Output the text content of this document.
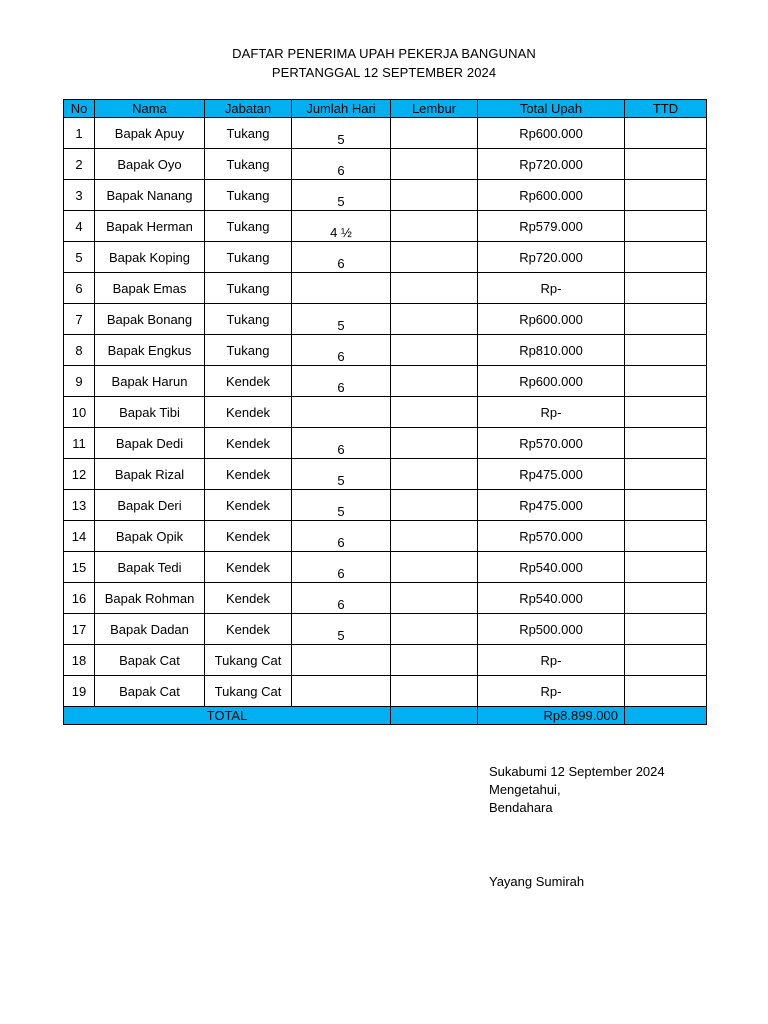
DAFTAR PENERIMA UPAH PEKERJA BANGUNAN
PERTANGGAL 12 SEPTEMBER 2024
No	Nama	Jabatan	Jumlah Hari	Lembur	Total Upah	TTD
1	Bapak Apuy	Tukang	5		Rp600.000	
2	Bapak Oyo	Tukang	6		Rp720.000	
3	Bapak Nanang	Tukang	5		Rp600.000	
4	Bapak Herman	Tukang	4 ½		Rp579.000	
5	Bapak Koping	Tukang	6		Rp720.000	
6	Bapak Emas	Tukang			Rp-	
7	Bapak Bonang	Tukang	5		Rp600.000	
8	Bapak Engkus	Tukang	6		Rp810.000	
9	Bapak Harun	Kendek	6		Rp600.000	
10	Bapak Tibi	Kendek			Rp-	
11	Bapak Dedi	Kendek	6		Rp570.000	
12	Bapak Rizal	Kendek	5		Rp475.000	
13	Bapak Deri	Kendek	5		Rp475.000	
14	Bapak Opik	Kendek	6		Rp570.000	
15	Bapak Tedi	Kendek	6		Rp540.000	
16	Bapak Rohman	Kendek	6		Rp540.000	
17	Bapak Dadan	Kendek	5		Rp500.000	
18	Bapak Cat	Tukang Cat			Rp-	
19	Bapak Cat	Tukang Cat			Rp-	
TOTAL					Rp8.899.000	
Sukabumi 12 September 2024
Mengetahui,
Bendahara
Yayang Sumirah
